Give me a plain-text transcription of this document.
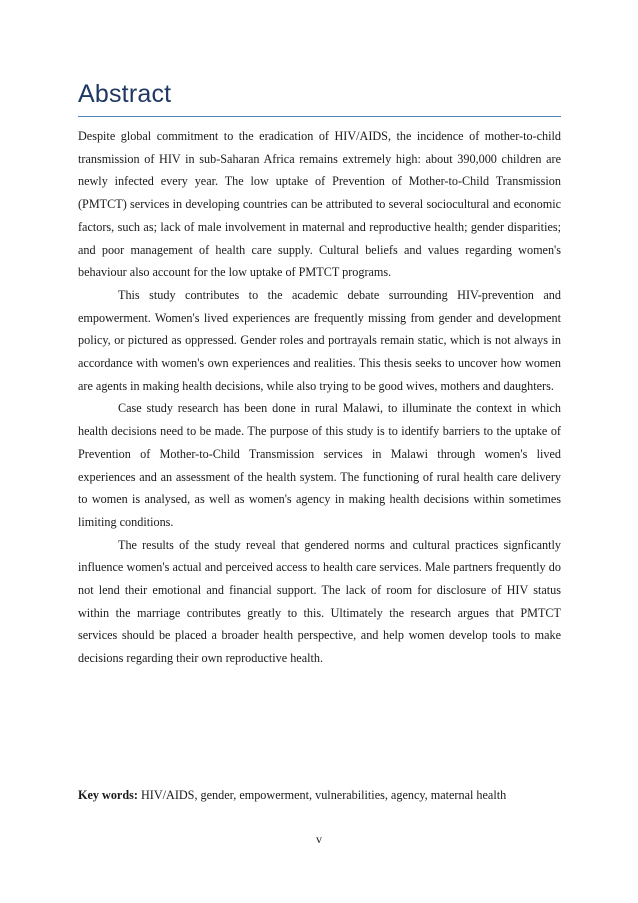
Abstract

Despite global commitment to the eradication of HIV/AIDS, the incidence of mother-to-child transmission of HIV in sub-Saharan Africa remains extremely high: about 390,000 children are newly infected every year. The low uptake of Prevention of Mother-to-Child Transmission (PMTCT) services in developing countries can be attributed to several sociocultural and economic factors, such as; lack of male involvement in maternal and reproductive health; gender disparities; and poor management of health care supply. Cultural beliefs and values regarding women's behaviour also account for the low uptake of PMTCT programs.

This study contributes to the academic debate surrounding HIV-prevention and empowerment. Women's lived experiences are frequently missing from gender and development policy, or pictured as oppressed. Gender roles and portrayals remain static, which is not always in accordance with women's own experiences and realities. This thesis seeks to uncover how women are agents in making health decisions, while also trying to be good wives, mothers and daughters.

Case study research has been done in rural Malawi, to illuminate the context in which health decisions need to be made. The purpose of this study is to identify barriers to the uptake of Prevention of Mother-to-Child Transmission services in Malawi through women's lived experiences and an assessment of the health system. The functioning of rural health care delivery to women is analysed, as well as women's agency in making health decisions within sometimes limiting conditions.

The results of the study reveal that gendered norms and cultural practices signficantly influence women's actual and perceived access to health care services. Male partners frequently do not lend their emotional and financial support. The lack of room for disclosure of HIV status within the marriage contributes greatly to this. Ultimately the research argues that PMTCT services should be placed a broader health perspective, and help women develop tools to make decisions regarding their own reproductive health.

Key words: HIV/AIDS, gender, empowerment, vulnerabilities, agency, maternal health
v
